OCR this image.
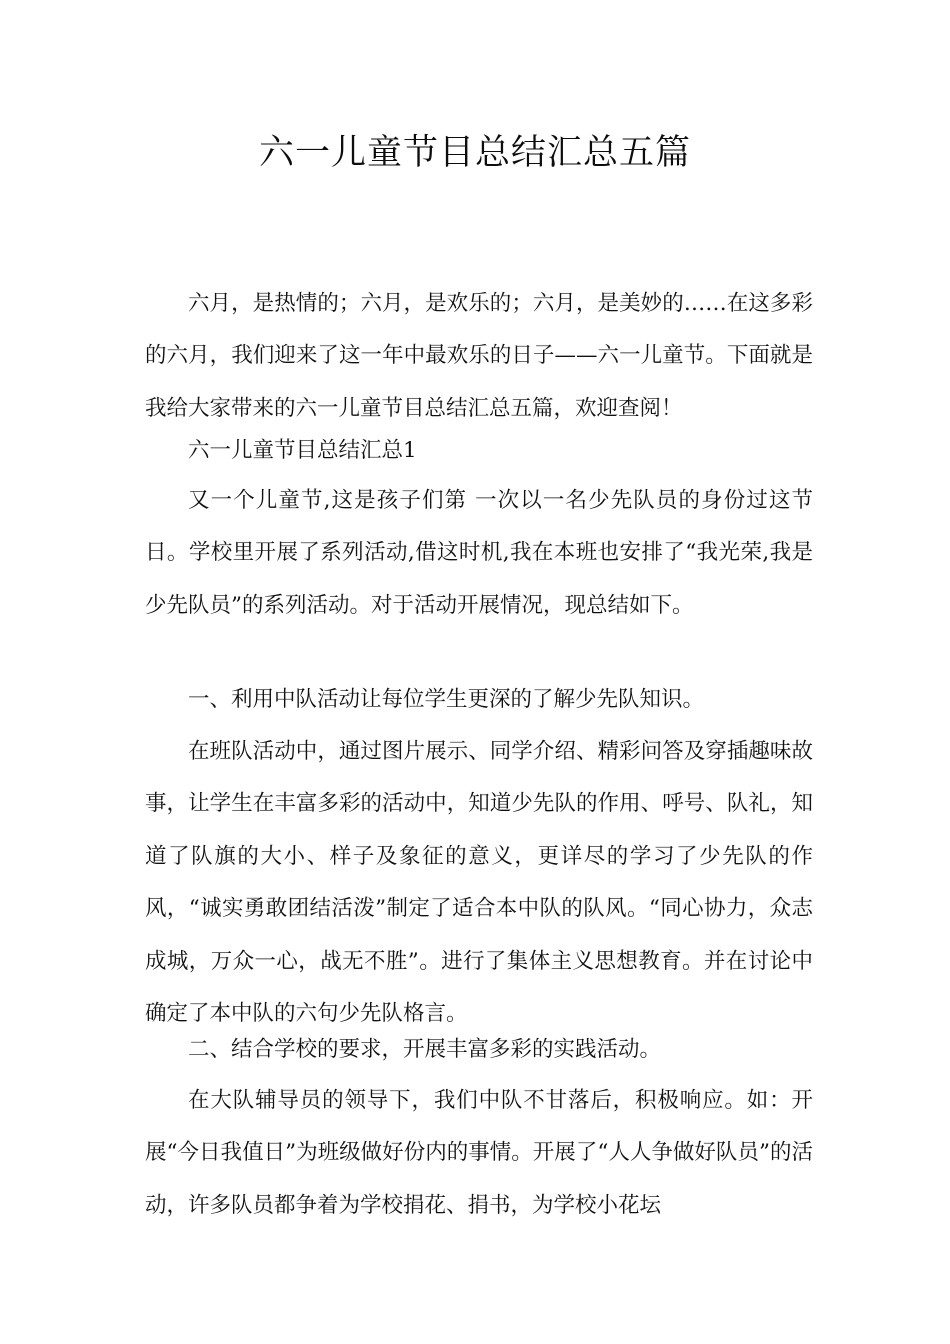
六一儿童节目总结汇总五篇

六月，是热情的；六月，是欢乐的；六月，是美妙的……在这多彩的六月，我们迎来了这一年中最欢乐的日子——六一儿童节。下面就是我给大家带来的六一儿童节目总结汇总五篇，欢迎查阅！

六一儿童节目总结汇总1

又一个儿童节,这是孩子们第 一次以一名少先队员的身份过这节日。学校里开展了系列活动,借这时机,我在本班也安排了“我光荣,我是少先队员”的系列活动。对于活动开展情况，现总结如下。

一、利用中队活动让每位学生更深的了解少先队知识。

在班队活动中，通过图片展示、同学介绍、精彩问答及穿插趣味故事，让学生在丰富多彩的活动中，知道少先队的作用、呼号、队礼，知道了队旗的大小、样子及象征的意义，更详尽的学习了少先队的作风，“诚实勇敢团结活泼”制定了适合本中队的队风。“同心协力，众志成城，万众一心，战无不胜”。进行了集体主义思想教育。并在讨论中确定了本中队的六句少先队格言。

二、结合学校的要求，开展丰富多彩的实践活动。

在大队辅导员的领导下，我们中队不甘落后，积极响应。如：开展“今日我值日”为班级做好份内的事情。开展了“人人争做好队员”的活动，许多队员都争着为学校捐花、捐书，为学校小花坛
